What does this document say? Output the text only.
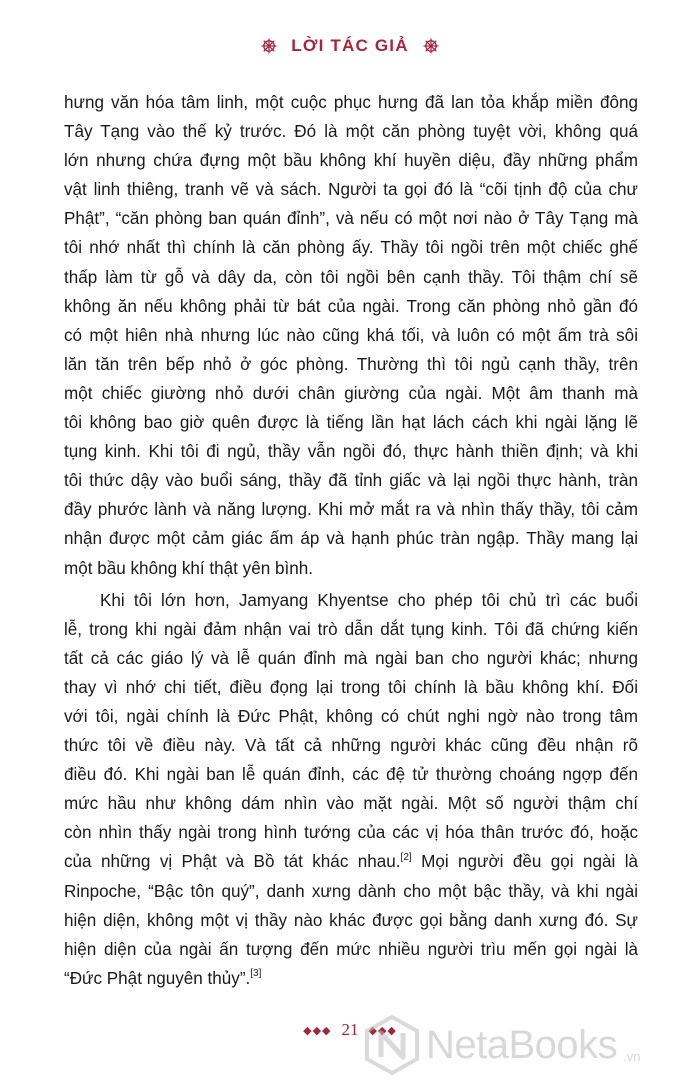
LỜI TÁC GIẢ
hưng văn hóa tâm linh, một cuộc phục hưng đã lan tỏa khắp miền đông
Tây Tạng vào thế kỷ trước. Đó là một căn phòng tuyệt vời, không quá
lớn nhưng chứa đựng một bầu không khí huyền diệu, đầy những phẩm
vật linh thiêng, tranh vẽ và sách. Người ta gọi đó là “cõi tịnh độ của chư
Phật”, “căn phòng ban quán đỉnh”, và nếu có một nơi nào ở Tây Tạng mà
tôi nhớ nhất thì chính là căn phòng ấy. Thầy tôi ngồi trên một chiếc ghế
thấp làm từ gỗ và dây da, còn tôi ngồi bên cạnh thầy. Tôi thậm chí sẽ
không ăn nếu không phải từ bát của ngài. Trong căn phòng nhỏ gần đó
có một hiên nhà nhưng lúc nào cũng khá tối, và luôn có một ấm trà sôi
lăn tăn trên bếp nhỏ ở góc phòng. Thường thì tôi ngủ cạnh thầy, trên
một chiếc giường nhỏ dưới chân giường của ngài. Một âm thanh mà
tôi không bao giờ quên được là tiếng lần hạt lách cách khi ngài lặng lẽ
tụng kinh. Khi tôi đi ngủ, thầy vẫn ngồi đó, thực hành thiền định; và khi
tôi thức dậy vào buổi sáng, thầy đã tỉnh giấc và lại ngồi thực hành, tràn
đầy phước lành và năng lượng. Khi mở mắt ra và nhìn thấy thầy, tôi cảm
nhận được một cảm giác ấm áp và hạnh phúc tràn ngập. Thầy mang lại
một bầu không khí thật yên bình.
Khi tôi lớn hơn, Jamyang Khyentse cho phép tôi chủ trì các buổi
lễ, trong khi ngài đảm nhận vai trò dẫn dắt tụng kinh. Tôi đã chứng kiến
tất cả các giáo lý và lễ quán đỉnh mà ngài ban cho người khác; nhưng
thay vì nhớ chi tiết, điều đọng lại trong tôi chính là bầu không khí. Đối
với tôi, ngài chính là Đức Phật, không có chút nghi ngờ nào trong tâm
thức tôi về điều này. Và tất cả những người khác cũng đều nhận rõ
điều đó. Khi ngài ban lễ quán đỉnh, các đệ tử thường choáng ngợp đến
mức hầu như không dám nhìn vào mặt ngài. Một số người thậm chí
còn nhìn thấy ngài trong hình tướng của các vị hóa thân trước đó, hoặc
của những vị Phật và Bồ tát khác nhau.[2] Mọi người đều gọi ngài là
Rinpoche, “Bậc tôn quý”, danh xưng dành cho một bậc thầy, và khi ngài
hiện diện, không một vị thầy nào khác được gọi bằng danh xưng đó. Sự
hiện diện của ngài ấn tượng đến mức nhiều người trìu mến gọi ngài là
“Đức Phật nguyên thủy”.[3]
◆◆◆ 21 ◆◆◆ NetaBooks .vn
